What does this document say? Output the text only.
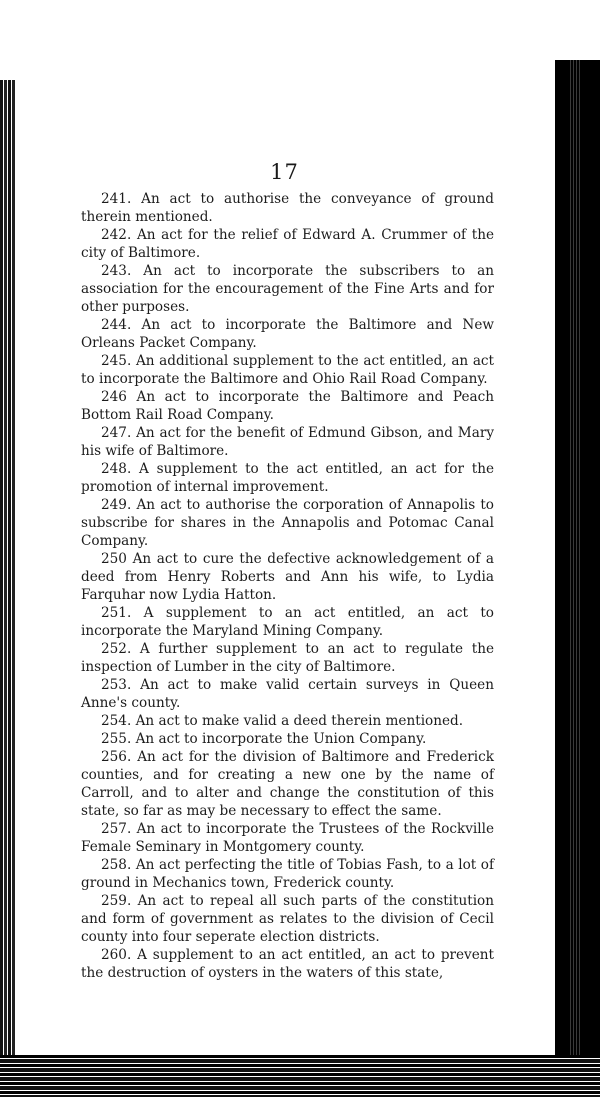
17

241. An act to authorise the conveyance of ground therein mentioned.

242. An act for the relief of Edward A. Crummer of the city of Baltimore.

243. An act to incorporate the subscribers to an association for the encouragement of the Fine Arts and for other purposes.

244. An act to incorporate the Baltimore and New Orleans Packet Company.

245. An additional supplement to the act entitled, an act to incorporate the Baltimore and Ohio Rail Road Company.

246 An act to incorporate the Baltimore and Peach Bottom Rail Road Company.

247. An act for the benefit of Edmund Gibson, and Mary his wife of Baltimore.

248. A supplement to the act entitled, an act for the promotion of internal improvement.

249. An act to authorise the corporation of Annapolis to subscribe for shares in the Annapolis and Potomac Canal Company.

250 An act to cure the defective acknowledgement of a deed from Henry Roberts and Ann his wife, to Lydia Farquhar now Lydia Hatton.

251. A supplement to an act entitled, an act to incorporate the Maryland Mining Company.

252. A further supplement to an act to regulate the inspection of Lumber in the city of Baltimore.

253. An act to make valid certain surveys in Queen Anne's county.

254. An act to make valid a deed therein mentioned.

255. An act to incorporate the Union Company.

256. An act for the division of Baltimore and Frederick counties, and for creating a new one by the name of Carroll, and to alter and change the constitution of this state, so far as may be necessary to effect the same.

257. An act to incorporate the Trustees of the Rockville Female Seminary in Montgomery county.

258. An act perfecting the title of Tobias Fash, to a lot of ground in Mechanics town, Frederick county.

259. An act to repeal all such parts of the constitution and form of government as relates to the division of Cecil county into four seperate election districts.

260. A supplement to an act entitled, an act to prevent the destruction of oysters in the waters of this state,
